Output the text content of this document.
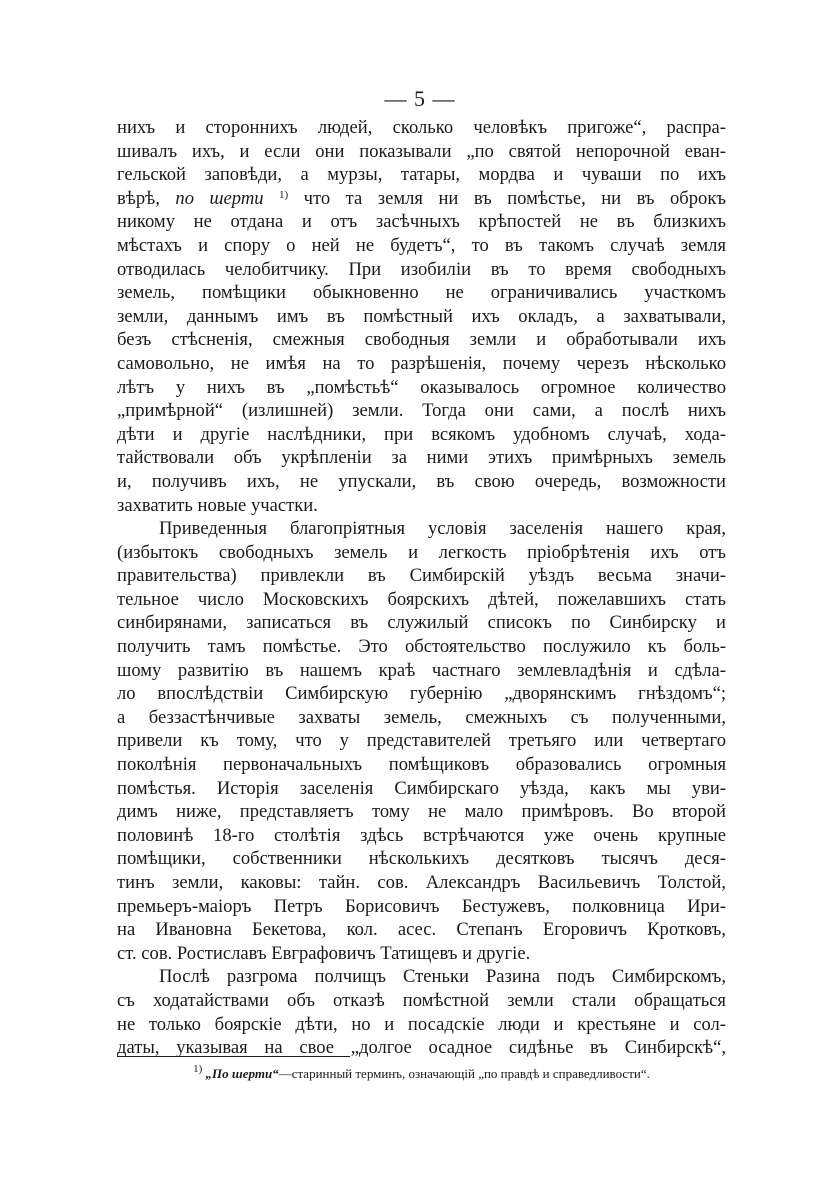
— 5 —
нихъ и стороннихъ людей, сколько человѣкъ пригоже“, распра-
шивалъ ихъ, и если они показывали „по святой непорочной еван-
гельской заповѣди, а мурзы, татары, мордва и чуваши по ихъ
вѣрѣ, по шерти $^{1)}$ что та земля ни въ помѣстье, ни въ оброкъ
никому не отдана и отъ засѣчныхъ крѣпостей не въ близкихъ
мѣстахъ и спору о ней не будетъ“, то въ такомъ случаѣ земля
отводилась челобитчику. При изобиліи въ то время свободныхъ
земель, помѣщики обыкновенно не ограничивались участкомъ
земли, даннымъ имъ въ помѣстный ихъ окладъ, а захватывали,
безъ стѣсненія, смежныя свободныя земли и обработывали ихъ
самовольно, не имѣя на то разрѣшенія, почему черезъ нѣсколько
лѣтъ у нихъ въ „помѣстьѣ“ оказывалось огромное количество
„примѣрной“ (излишней) земли. Тогда они сами, а послѣ нихъ
дѣти и другіе наслѣдники, при всякомъ удобномъ случаѣ, хода-
тайствовали объ укрѣпленіи за ними этихъ примѣрныхъ земель
и, получивъ ихъ, не упускали, въ свою очередь, возможности
захватить новые участки.
Приведенныя благопріятныя условія заселенія нашего края,
(избытокъ свободныхъ земель и легкость пріобрѣтенія ихъ отъ
правительства) привлекли въ Симбирскій уѣздъ весьма значи-
тельное число Московскихъ боярскихъ дѣтей, пожелавшихъ стать
синбирянами, записаться въ служилый списокъ по Синбирску и
получить тамъ помѣстье. Это обстоятельство послужило къ боль-
шому развитію въ нашемъ краѣ частнаго землевладѣнія и сдѣла-
ло впослѣдствіи Симбирскую губернію „дворянскимъ гнѣздомъ“;
а беззастѣнчивые захваты земель, смежныхъ съ полученными,
привели къ тому, что у представителей третьяго или четвертаго
поколѣнія первоначальныхъ помѣщиковъ образовались огромныя
помѣстья. Исторія заселенія Симбирскаго уѣзда, какъ мы уви-
димъ ниже, представляетъ тому не мало примѣровъ. Во второй
половинѣ 18-го столѣтія здѣсь встрѣчаются уже очень крупные
помѣщики, собственники нѣсколькихъ десятковъ тысячъ деся-
тинъ земли, каковы: тайн. сов. Александръ Васильевичъ Толстой,
премьеръ-маіоръ Петръ Борисовичъ Бестужевъ, полковница Ири-
на Ивановна Бекетова, кол. асес. Степанъ Егоровичъ Кротковъ,
ст. сов. Ростиславъ Евграфовичъ Татищевъ и другіе.
Послѣ разгрома полчищъ Стеньки Разина подъ Симбирскомъ,
съ ходатайствами объ отказѣ помѣстной земли стали обращаться
не только боярскіе дѣти, но и посадскіе люди и крестьяне и сол-
даты, указывая на свое „долгое осадное сидѣнье въ Синбирскѣ“,
$^{1)}$ „По шерти“—старинный терминъ, означающій „по правдѣ и справедливости“.
